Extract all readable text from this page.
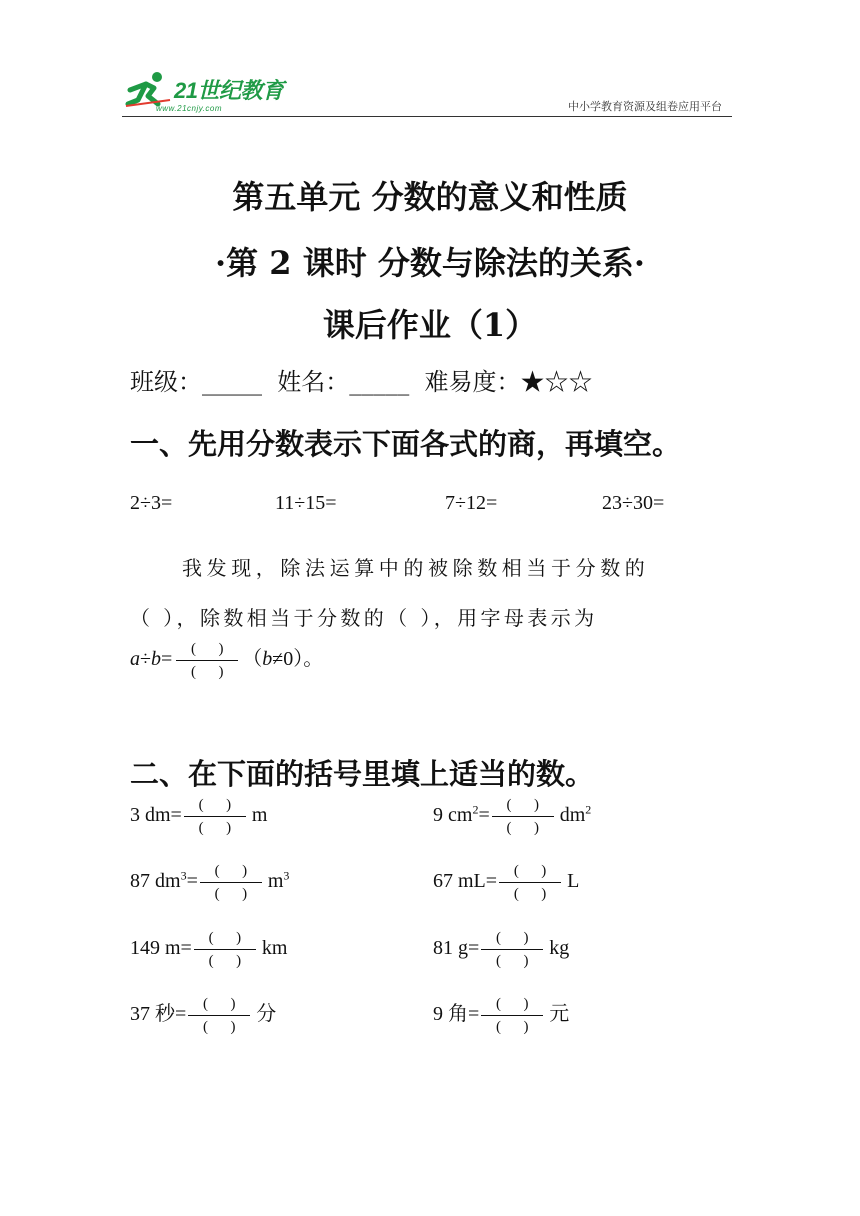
21世纪教育
www.21cnjy.com	中小学教育资源及组卷应用平台
第五单元 分数的意义和性质
·第 2 课时 分数与除法的关系·
课后作业（1）
班级：_____  姓名：_____  难易度：★☆☆
一、先用分数表示下面各式的商，再填空。
2÷3=	11÷15=	7÷12=	23÷30=
我发现，除法运算中的被除数相当于分数的
（ ），除数相当于分数的（ ），用字母表示为
$a\div b= \frac{( )}{( )} (b\ne 0)$。
二、在下面的括号里填上适当的数。
3 $dm= \frac{( )}{( )}$ m	9 $cm^2= \frac{( )}{( )} dm^2$
87 $dm^3= \frac{( )}{( )} m^3$	67 $mL= \frac{( )}{( )}$ L
149 $m= \frac{( )}{( )}$ km	81 $g= \frac{( )}{( )}$ kg
37 秒= $\frac{( )}{( )}$ 分	9 角= $\frac{( )}{( )}$ 元
